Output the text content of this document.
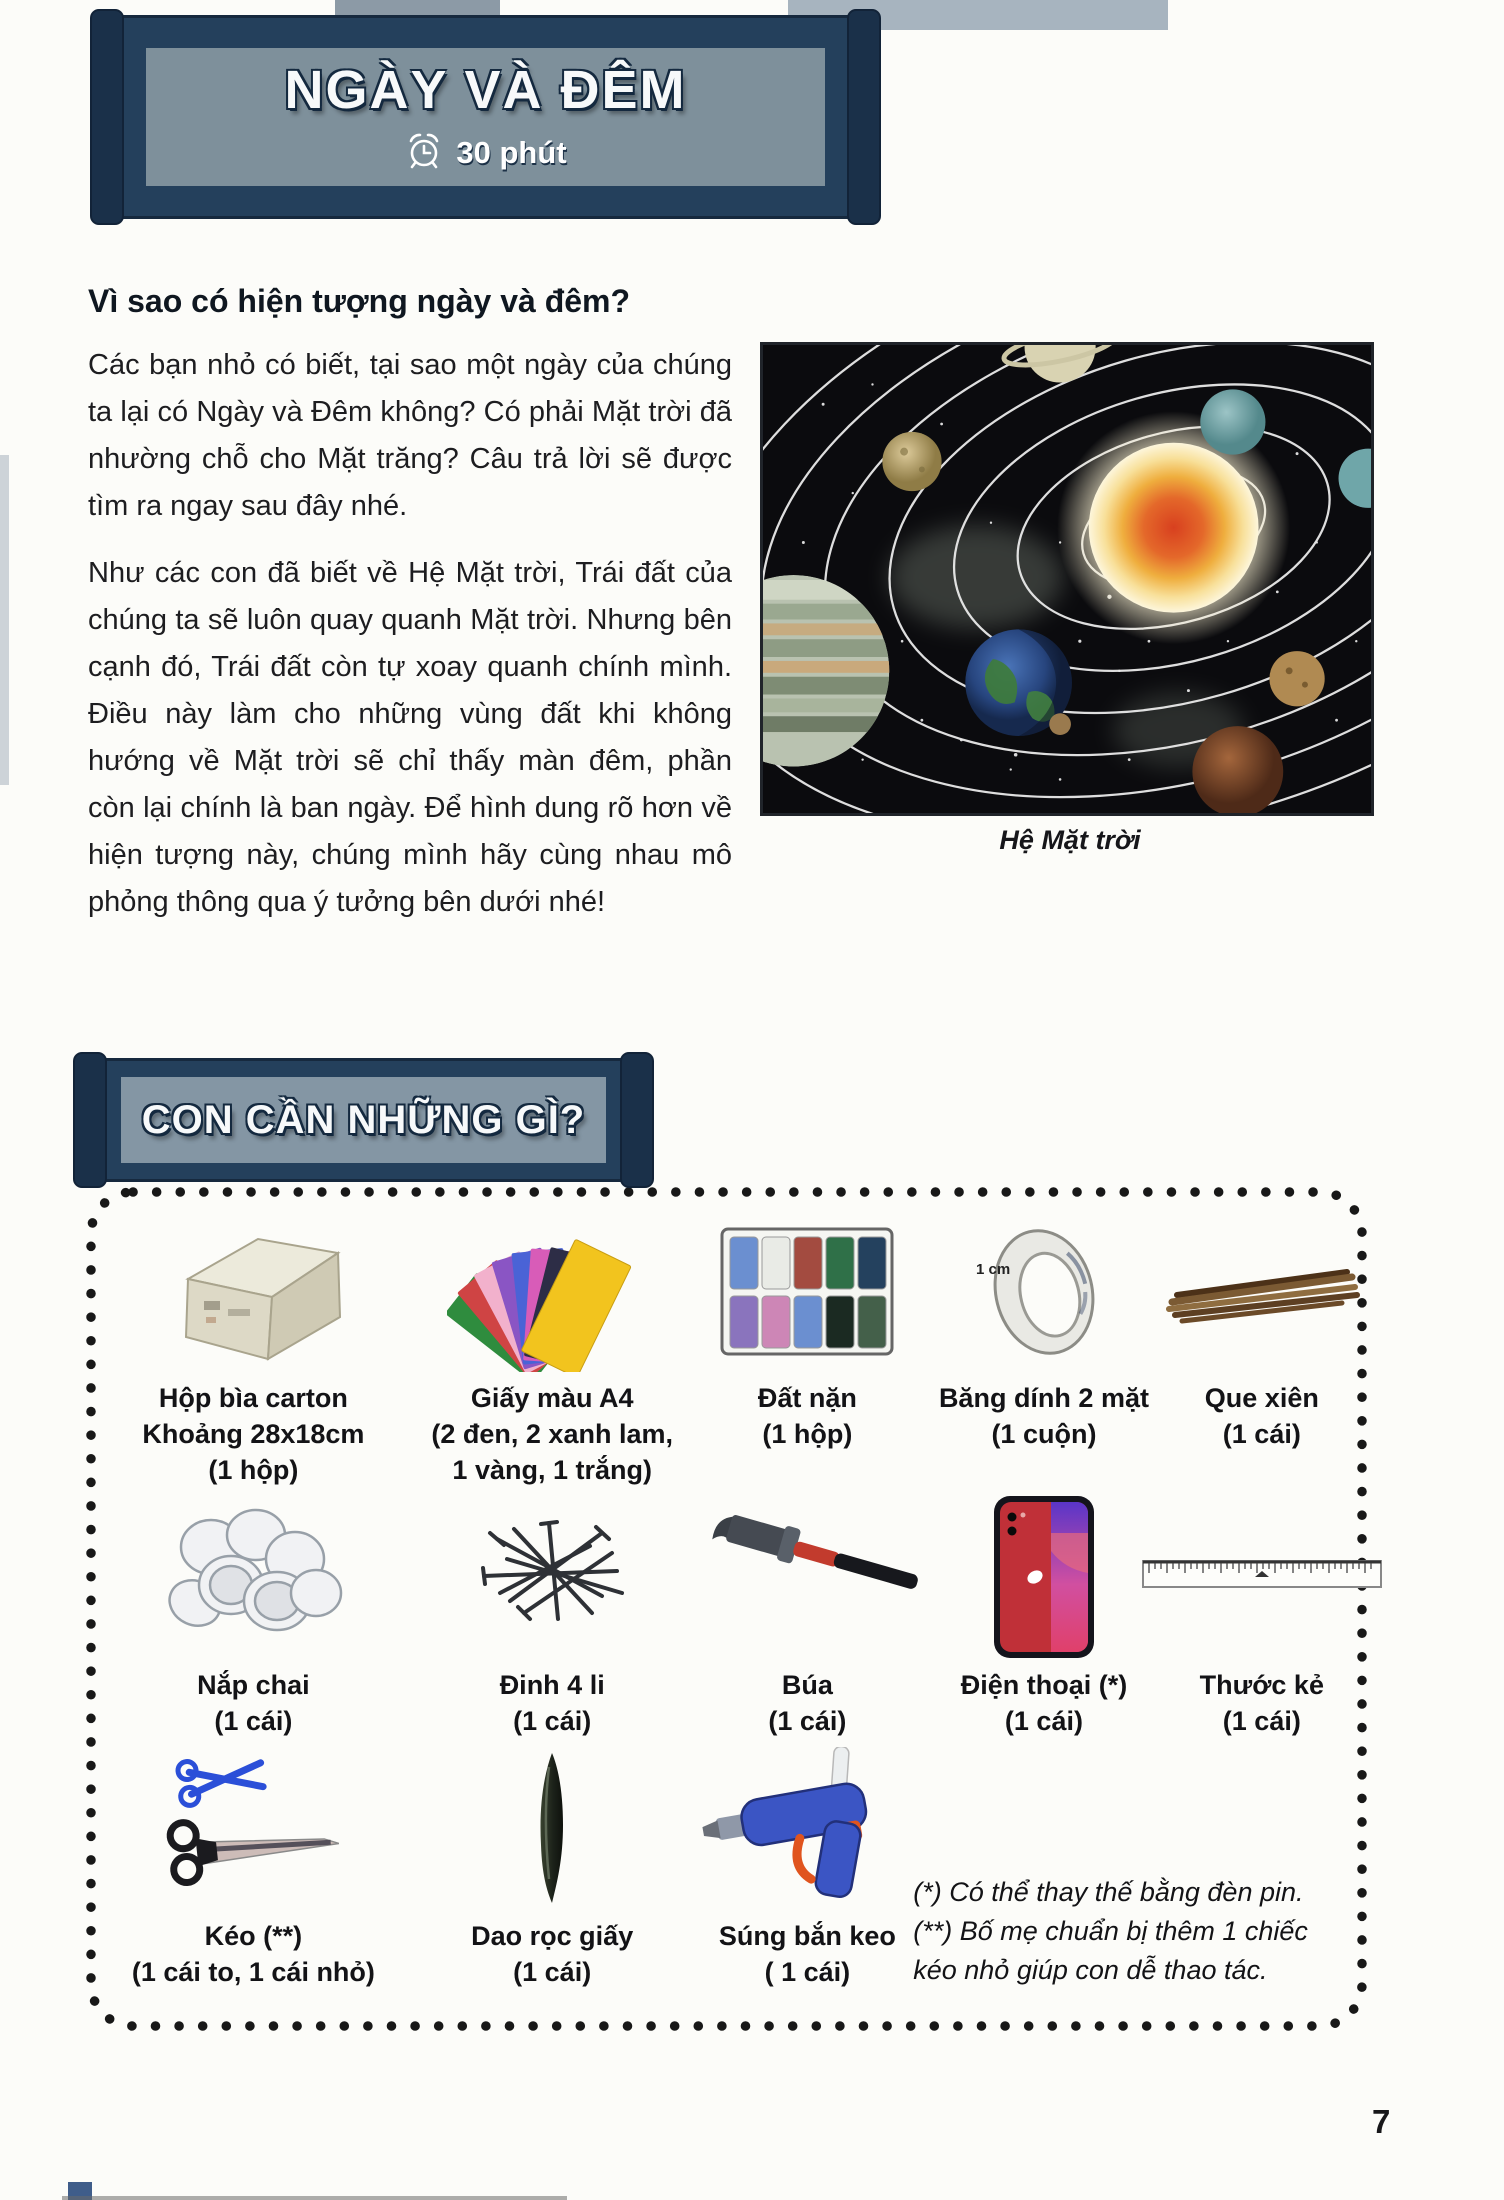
NGÀY VÀ ĐÊM
30 phút
Vì sao có hiện tượng ngày và đêm?
Hệ Mặt trời

Các bạn nhỏ có biết, tại sao một ngày của chúng ta lại có Ngày và Đêm không? Có phải Mặt trời đã nhường chỗ cho Mặt trăng? Câu trả lời sẽ được tìm ra ngay sau đây nhé.

Như các con đã biết về Hệ Mặt trời, Trái đất của chúng ta sẽ luôn quay quanh Mặt trời. Nhưng bên cạnh đó, Trái đất còn tự xoay quanh chính mình. Điều này làm cho những vùng đất khi không hướng về Mặt trời sẽ chỉ thấy màn đêm, phần còn lại chính là ban ngày. Để hình dung rõ hơn về hiện tượng này, chúng mình hãy cùng nhau mô phỏng thông qua ý tưởng bên dưới nhé!

CON CẦN NHỮNG GÌ?
Hộp bìa carton
Khoảng 28x18cm
(1 hộp)
Giấy màu A4
(2 đen, 2 xanh lam,
1 vàng, 1 trắng)
Đất nặn
(1 hộp)
1 cm
Băng dính 2 mặt
(1 cuộn)
Que xiên
(1 cái)
Nắp chai
(1 cái)
Đinh 4 li
(1 cái)
Búa
(1 cái)
Điện thoại (*)
(1 cái)
Thước kẻ
(1 cái)
Kéo (**)
(1 cái to, 1 cái nhỏ)
Dao rọc giấy
(1 cái)
Súng bắn keo
( 1 cái)

(*) Có thể thay thế bằng đèn pin.

(**) Bố mẹ chuẩn bị thêm 1 chiếc kéo nhỏ giúp con dễ thao tác.

7
